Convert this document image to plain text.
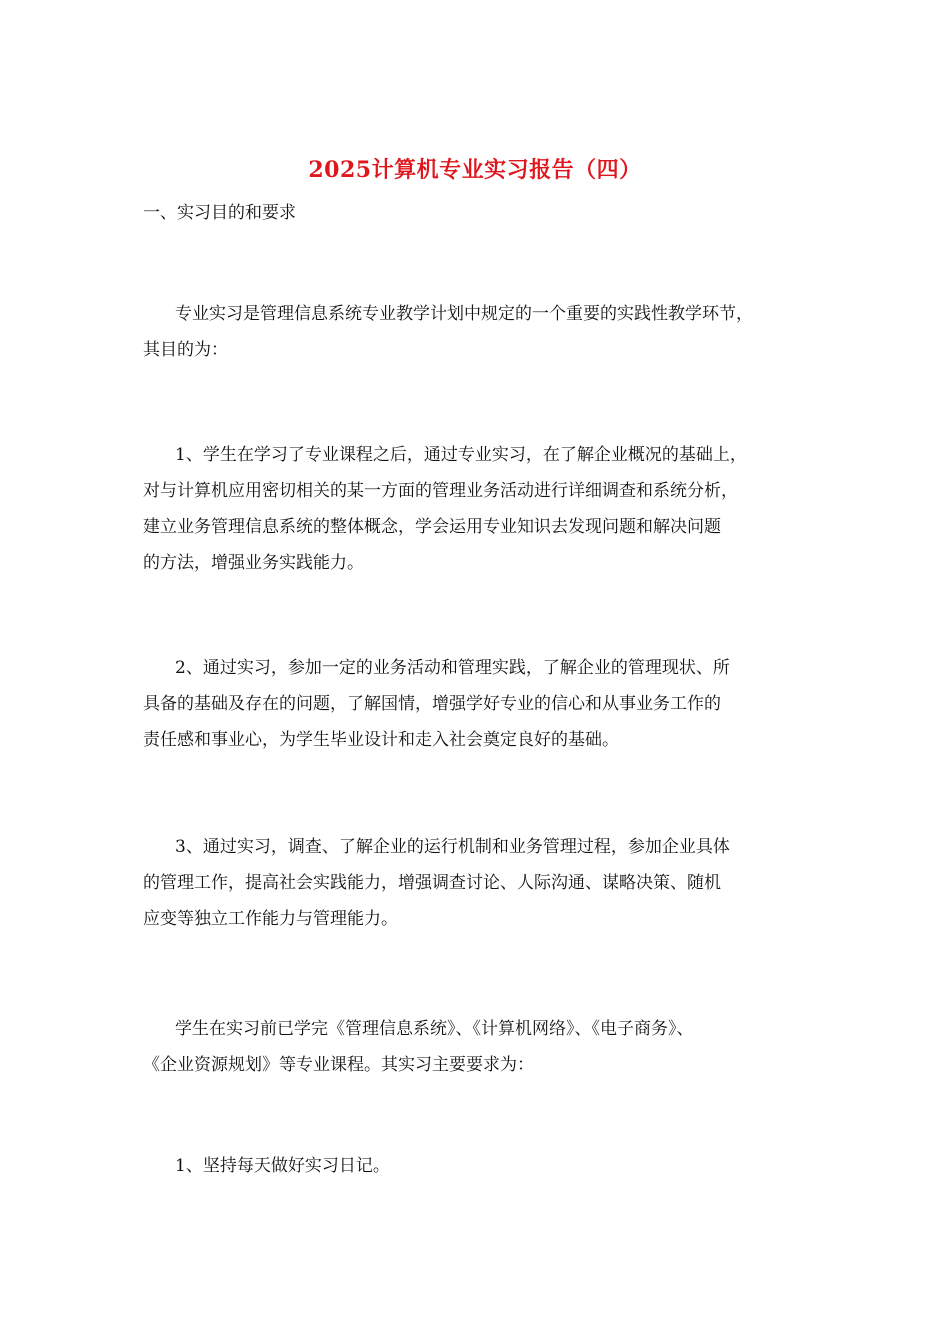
2025计算机专业实习报告（四）
一、实习目的和要求
专业实习是管理信息系统专业教学计划中规定的一个重要的实践性教学环节，
其目的为：
1、学生在学习了专业课程之后，通过专业实习，在了解企业概况的基础上，
对与计算机应用密切相关的某一方面的管理业务活动进行详细调查和系统分析，
建立业务管理信息系统的整体概念，学会运用专业知识去发现问题和解决问题
的方法，增强业务实践能力。
2、通过实习，参加一定的业务活动和管理实践，了解企业的管理现状、所
具备的基础及存在的问题，了解国情，增强学好专业的信心和从事业务工作的
责任感和事业心，为学生毕业设计和走入社会奠定良好的基础。
3、通过实习，调查、了解企业的运行机制和业务管理过程，参加企业具体
的管理工作，提高社会实践能力，增强调查讨论、人际沟通、谋略决策、随机
应变等独立工作能力与管理能力。
学生在实习前已学完《管理信息系统》、《计算机网络》、《电子商务》、
《企业资源规划》等专业课程。其实习主要要求为：
1、坚持每天做好实习日记。
